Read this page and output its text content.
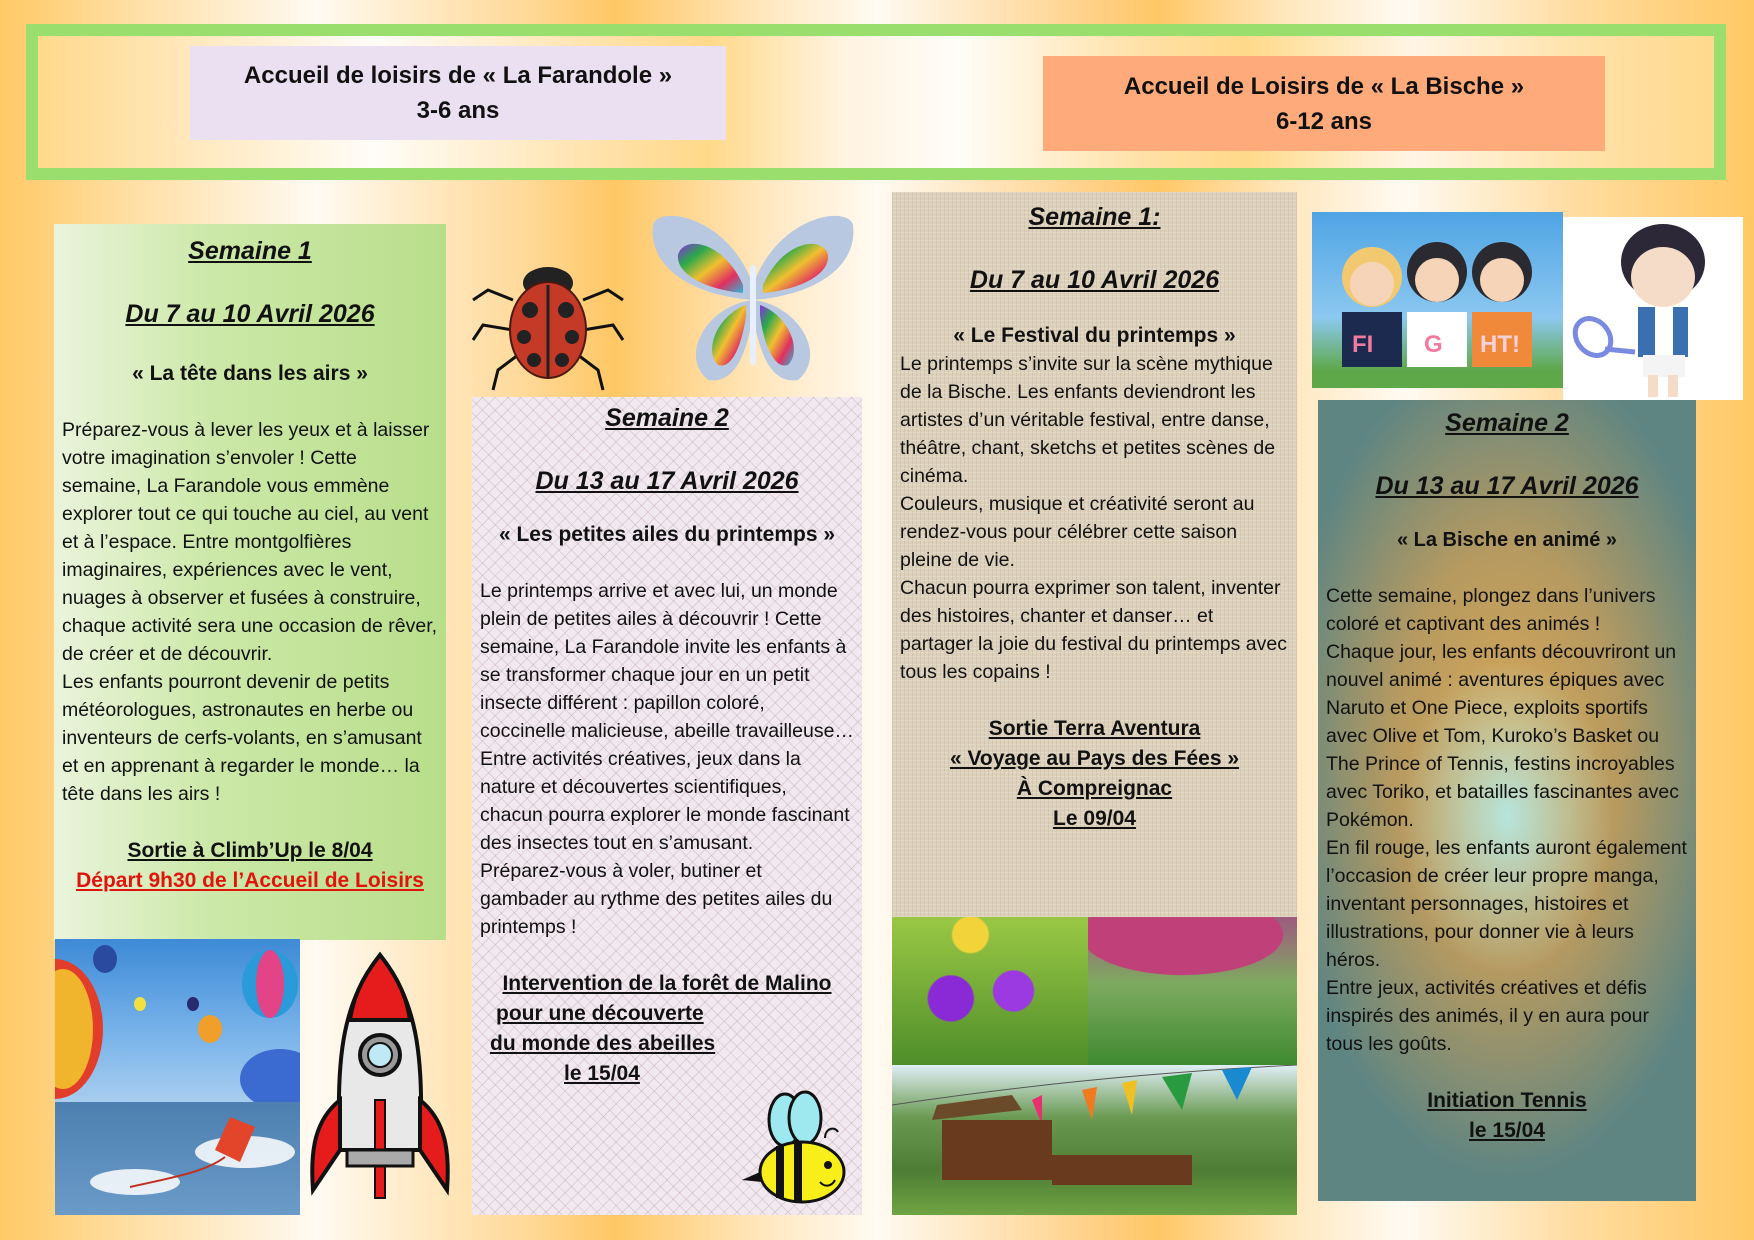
Accueil de loisirs de « La Farandole »
3-6 ans
Accueil de Loisirs de « La Bische »
6-12 ans
Semaine 1
Du 7 au 10 Avril 2026
« La tête dans les airs »
Préparez-vous à lever les yeux et à laisser votre imagination s’envoler ! Cette semaine, La Farandole vous emmène explorer tout ce qui touche au ciel, au vent et à l’espace. Entre montgolfières imaginaires, expériences avec le vent, nuages à observer et fusées à construire, chaque activité sera une occasion de rêver, de créer et de découvrir.
Les enfants pourront devenir de petits météorologues, astronautes en herbe ou inventeurs de cerfs-volants, en s’amusant et en apprenant à regarder le monde… la tête dans les airs !
Sortie à Climb’Up le 8/04
Départ 9h30 de l’Accueil de Loisirs
Semaine 2
Du 13 au 17 Avril 2026
« Les petites ailes du printemps »
Le printemps arrive et avec lui, un monde plein de petites ailes à découvrir ! Cette semaine, La Farandole invite les enfants à se transformer chaque jour en un petit insecte différent : papillon coloré, coccinelle malicieuse, abeille travailleuse… Entre activités créatives, jeux dans la nature et découvertes scientifiques, chacun pourra explorer le monde fascinant des insectes tout en s’amusant.
Préparez-vous à voler, butiner et gambader au rythme des petites ailes du printemps !
Intervention de la forêt de Malino
pour une découverte
du monde des abeilles
le 15/04
Semaine 1:
Du 7 au 10 Avril 2026
« Le Festival du printemps »
Le printemps s’invite sur la scène mythique de la Bische. Les enfants deviendront les artistes d’un véritable festival, entre danse, théâtre, chant, sketchs et petites scènes de cinéma.
Couleurs, musique et créativité seront au rendez-vous pour célébrer cette saison pleine de vie.
Chacun pourra exprimer son talent, inventer des histoires, chanter et danser… et partager la joie du festival du printemps avec tous les copains !
Sortie Terra Aventura
« Voyage au Pays des Fées »
À Compreignac
Le 09/04
FI G HT!
Semaine 2
Du 13 au 17 Avril 2026
« La Bische en animé »
Cette semaine, plongez dans l’univers coloré et captivant des animés !
Chaque jour, les enfants découvriront un nouvel animé : aventures épiques avec Naruto et One Piece, exploits sportifs avec Olive et Tom, Kuroko’s Basket ou The Prince of Tennis, festins incroyables avec Toriko, et batailles fascinantes avec Pokémon.
En fil rouge, les enfants auront également l’occasion de créer leur propre manga, inventant personnages, histoires et illustrations, pour donner vie à leurs héros.
Entre jeux, activités créatives et défis inspirés des animés, il y en aura pour tous les goûts.
Initiation Tennis
le 15/04
